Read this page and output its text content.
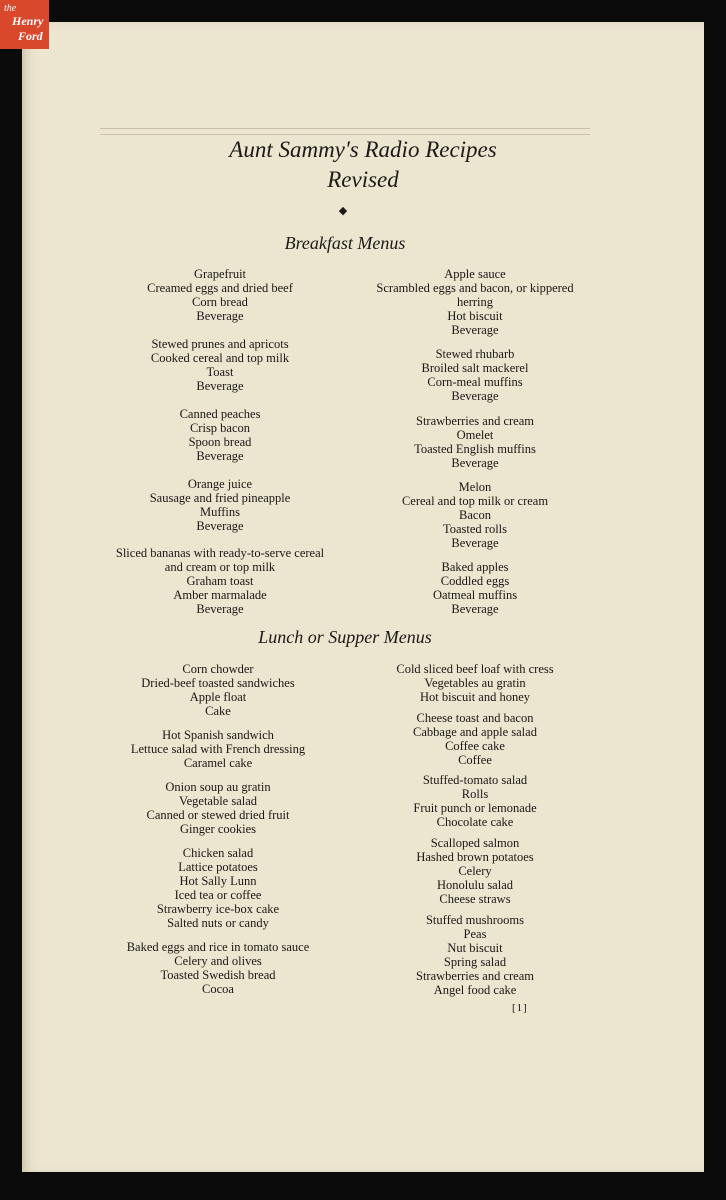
the
Henry
Ford
Aunt Sammy's Radio Recipes
Revised
◆
Breakfast Menus
Grapefruit
Creamed eggs and dried beef
Corn bread
Beverage
Stewed prunes and apricots
Cooked cereal and top milk
Toast
Beverage
Canned peaches
Crisp bacon
Spoon bread
Beverage
Orange juice
Sausage and fried pineapple
Muffins
Beverage
Sliced bananas with ready-to-serve cereal
and cream or top milk
Graham toast
Amber marmalade
Beverage
Apple sauce
Scrambled eggs and bacon, or kippered
herring
Hot biscuit
Beverage
Stewed rhubarb
Broiled salt mackerel
Corn-meal muffins
Beverage
Strawberries and cream
Omelet
Toasted English muffins
Beverage
Melon
Cereal and top milk or cream
Bacon
Toasted rolls
Beverage
Baked apples
Coddled eggs
Oatmeal muffins
Beverage
Lunch or Supper Menus
Corn chowder
Dried-beef toasted sandwiches
Apple float
Cake
Hot Spanish sandwich
Lettuce salad with French dressing
Caramel cake
Onion soup au gratin
Vegetable salad
Canned or stewed dried fruit
Ginger cookies
Chicken salad
Lattice potatoes
Hot Sally Lunn
Iced tea or coffee
Strawberry ice-box cake
Salted nuts or candy
Baked eggs and rice in tomato sauce
Celery and olives
Toasted Swedish bread
Cocoa
Cold sliced beef loaf with cress
Vegetables au gratin
Hot biscuit and honey
Cheese toast and bacon
Cabbage and apple salad
Coffee cake
Coffee
Stuffed-tomato salad
Rolls
Fruit punch or lemonade
Chocolate cake
Scalloped salmon
Hashed brown potatoes
Celery
Honolulu salad
Cheese straws
Stuffed mushrooms
Peas
Nut biscuit
Spring salad
Strawberries and cream
Angel food cake
[1]
